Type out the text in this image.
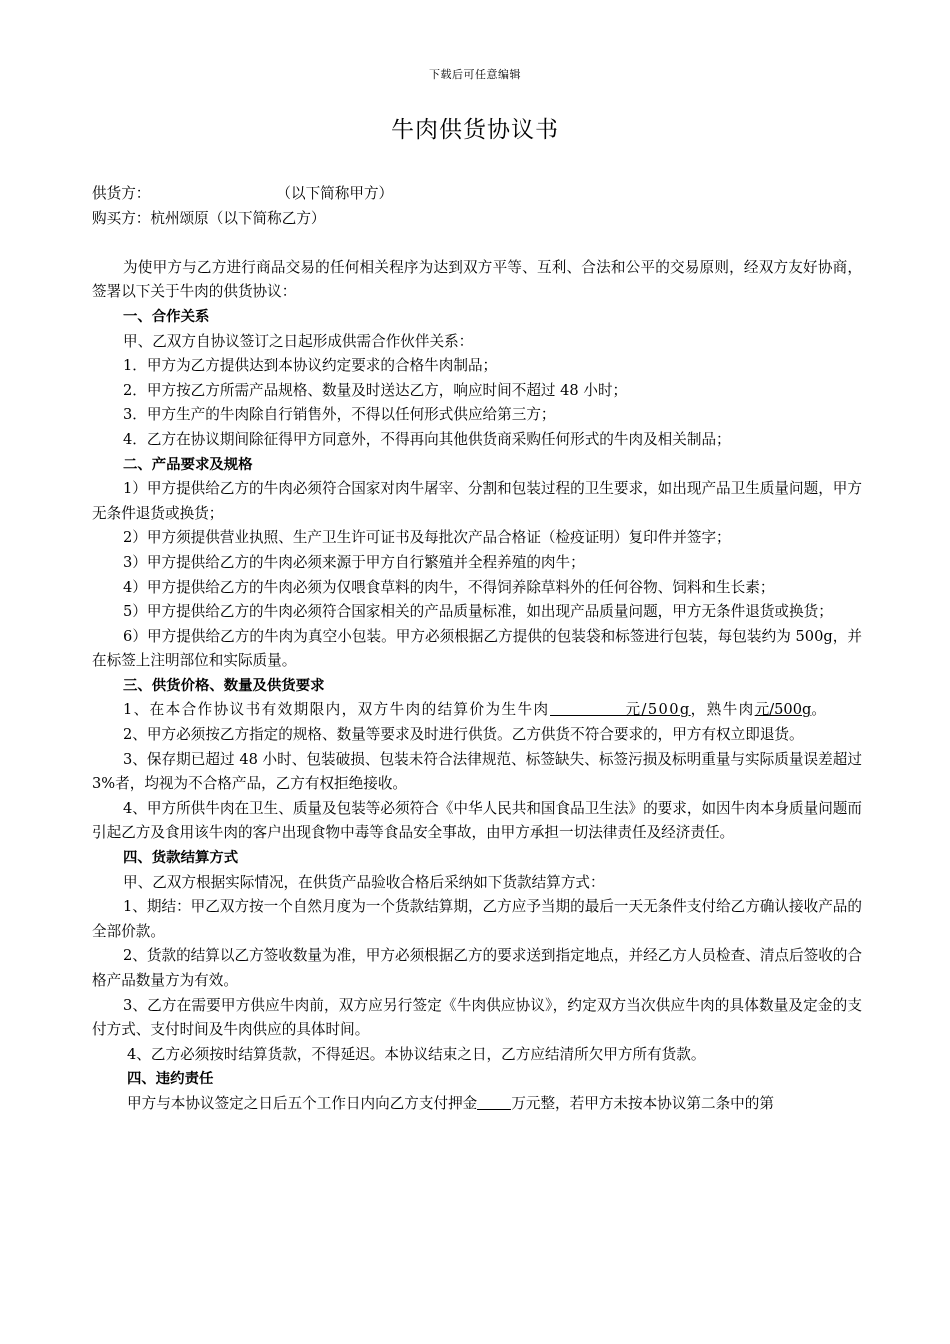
下载后可任意编辑
牛肉供货协议书
供货方：	（以下简称甲方）
购买方：杭州颂原（以下简称乙方）
为使甲方与乙方进行商品交易的任何相关程序为达到双方平等、互利、合法和公平的交易原则，经双方友好协商，签署以下关于牛肉的供货协议：
一、合作关系
甲、乙双方自协议签订之日起形成供需合作伙伴关系：
1．甲方为乙方提供达到本协议约定要求的合格牛肉制品；
2．甲方按乙方所需产品规格、数量及时送达乙方，响应时间不超过 48 小时；
3．甲方生产的牛肉除自行销售外，不得以任何形式供应给第三方；
4．乙方在协议期间除征得甲方同意外，不得再向其他供货商采购任何形式的牛肉及相关制品；
二、产品要求及规格
1）甲方提供给乙方的牛肉必须符合国家对肉牛屠宰、分割和包装过程的卫生要求，如出现产品卫生质量问题，甲方无条件退货或换货；
2）甲方须提供营业执照、生产卫生许可证书及每批次产品合格证（检疫证明）复印件并签字；
3）甲方提供给乙方的牛肉必须来源于甲方自行繁殖并全程养殖的肉牛；
4）甲方提供给乙方的牛肉必须为仅喂食草料的肉牛，不得饲养除草料外的任何谷物、饲料和生长素；
5）甲方提供给乙方的牛肉必须符合国家相关的产品质量标准，如出现产品质量问题，甲方无条件退货或换货；
6）甲方提供给乙方的牛肉为真空小包装。甲方必须根据乙方提供的包装袋和标签进行包装，每包装约为 500g，并在标签上注明部位和实际质量。
三、供货价格、数量及供货要求
1、在本合作协议书有效期限内，双方牛肉的结算价为生牛肉	元/500g，熟牛肉元/500g。
2、甲方必须按乙方指定的规格、数量等要求及时进行供货。乙方供货不符合要求的，甲方有权立即退货。
3、保存期已超过 48 小时、包装破损、包装未符合法律规范、标签缺失、标签污损及标明重量与实际质量误差超过 3%者，均视为不合格产品，乙方有权拒绝接收。
4、甲方所供牛肉在卫生、质量及包装等必须符合《中华人民共和国食品卫生法》的要求，如因牛肉本身质量问题而引起乙方及食用该牛肉的客户出现食物中毒等食品安全事故，由甲方承担一切法律责任及经济责任。
四、货款结算方式
甲、乙双方根据实际情况，在供货产品验收合格后采纳如下货款结算方式：
1、期结：甲乙双方按一个自然月度为一个货款结算期，乙方应予当期的最后一天无条件支付给乙方确认接收产品的全部价款。
2、货款的结算以乙方签收数量为准，甲方必须根据乙方的要求送到指定地点，并经乙方人员检查、清点后签收的合格产品数量方为有效。
3、乙方在需要甲方供应牛肉前，双方应另行签定《牛肉供应协议》，约定双方当次供应牛肉的具体数量及定金的支付方式、支付时间及牛肉供应的具体时间。
4、乙方必须按时结算货款，不得延迟。本协议结束之日，乙方应结清所欠甲方所有货款。
四、违约责任
甲方与本协议签定之日后五个工作日内向乙方支付押金 万元整，若甲方未按本协议第二条中的第
